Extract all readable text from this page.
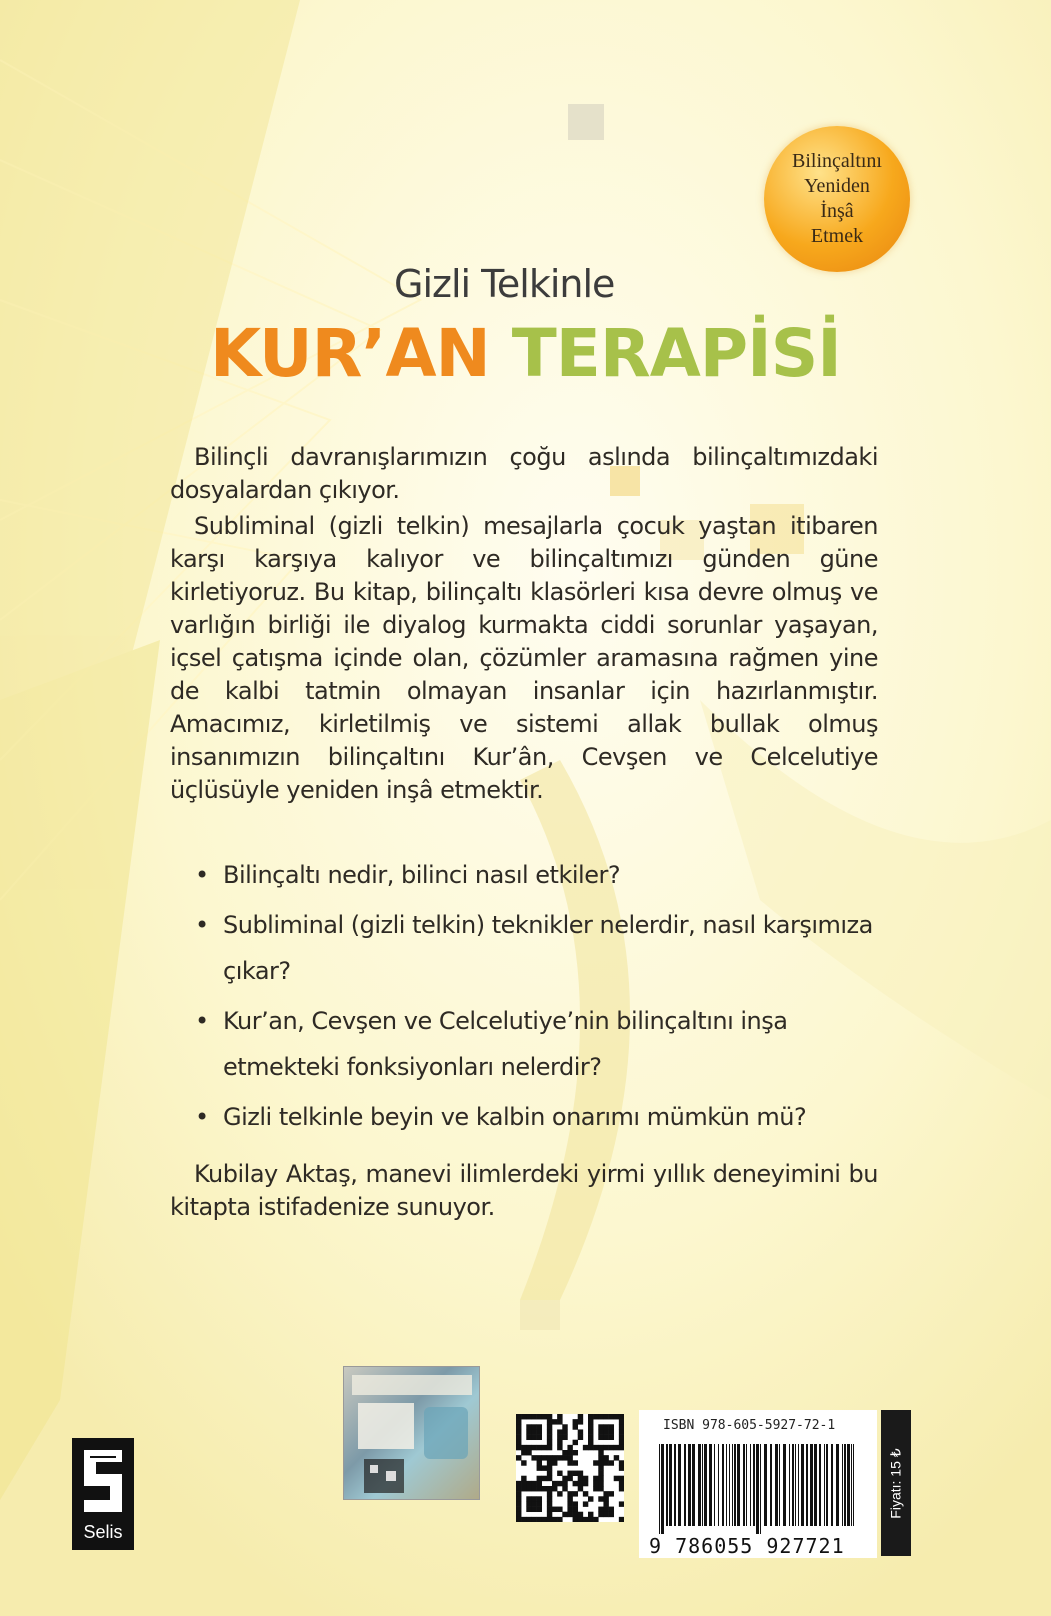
Bilinçaltını
Yeniden
İnşâ
Etmek
Gizli Telkinle
KUR’AN TERAPİSİ

Bilinçli davranışlarımızın çoğu aslında bilinçaltımızdaki dosyalardan çıkıyor.

Subliminal (gizli telkin) mesajlarla çocuk yaştan itibaren karşı karşıya kalıyor ve bilinçaltımızı günden güne kirletiyoruz. Bu kitap, bilinçaltı klasörleri kısa devre olmuş ve varlığın birliği ile diyalog kurmakta ciddi sorunlar yaşayan, içsel çatışma içinde olan, çözümler aramasına rağmen yine de kalbi tatmin olmayan insanlar için hazırlanmıştır. Amacımız, kirletilmiş ve sistemi allak bullak olmuş insanımızın bilinçaltını Kur’ân, Cevşen ve Celcelutiye üçlüsüyle yeniden inşâ etmektir.

• Bilinçaltı nedir, bilinci nasıl etkiler?
• Subliminal (gizli telkin) teknikler nelerdir, nasıl karşımıza çıkar?
• Kur’an, Cevşen ve Celcelutiye’nin bilinçaltını inşa etmekteki fonksiyonları nelerdir?
• Gizli telkinle beyin ve kalbin onarımı mümkün mü?

Kubilay Aktaş, manevi ilimlerdeki yirmi yıllık deneyimini bu kitapta istifadenize sunuyor.

Selis
ISBN 978-605-5927-72-1
9 786055 927721
Fiyatı: 15 ₺
